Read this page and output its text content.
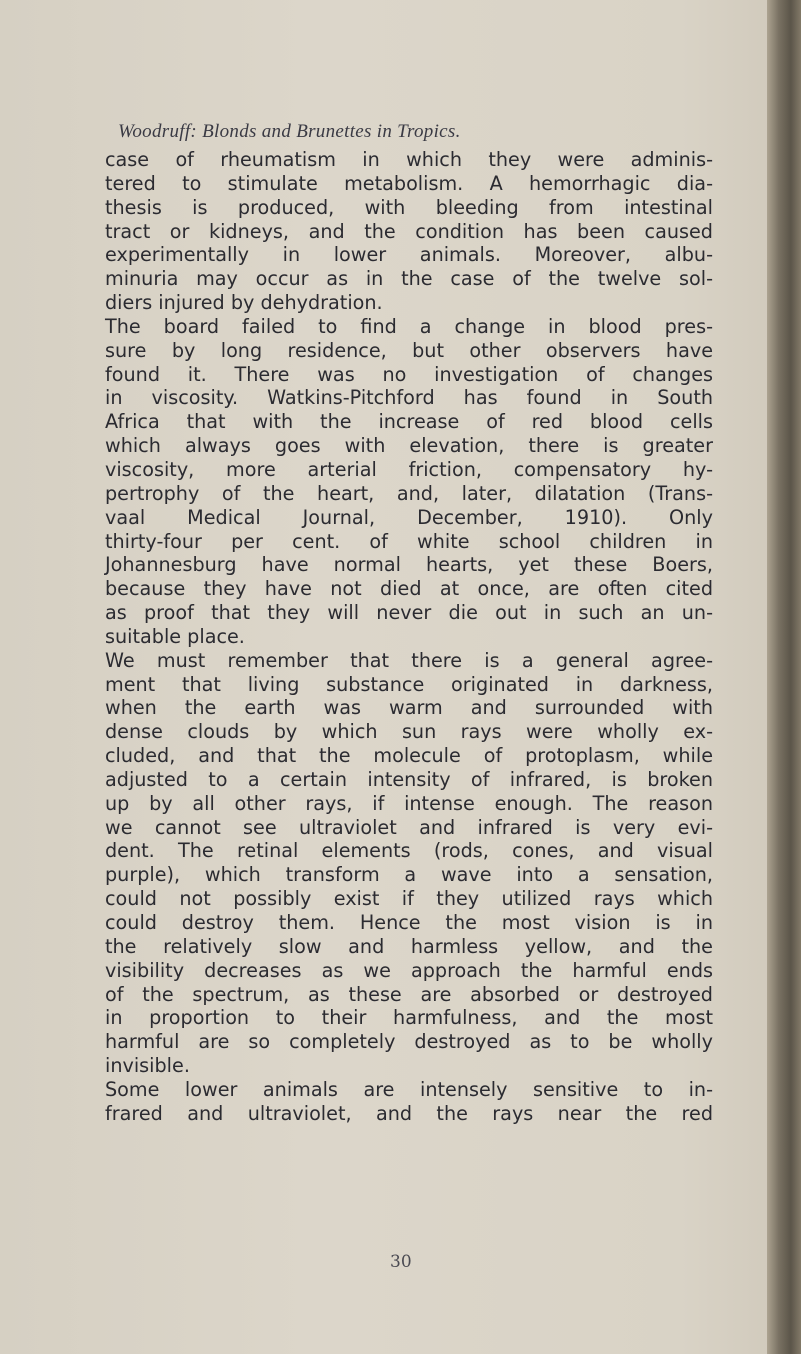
Woodruff: Blonds and Brunettes in Tropics.
case of rheumatism in which they were adminis-
tered to stimulate metabolism. A hemorrhagic dia-
thesis is produced, with bleeding from intestinal
tract or kidneys, and the condition has been caused
experimentally in lower animals. Moreover, albu-
minuria may occur as in the case of the twelve sol-
diers injured by dehydration.
The board failed to find a change in blood pres-
sure by long residence, but other observers have
found it. There was no investigation of changes
in viscosity. Watkins-Pitchford has found in South
Africa that with the increase of red blood cells
which always goes with elevation, there is greater
viscosity, more arterial friction, compensatory hy-
pertrophy of the heart, and, later, dilatation (Trans-
vaal Medical Journal, December, 1910). Only
thirty-four per cent. of white school children in
Johannesburg have normal hearts, yet these Boers,
because they have not died at once, are often cited
as proof that they will never die out in such an un-
suitable place.
We must remember that there is a general agree-
ment that living substance originated in darkness,
when the earth was warm and surrounded with
dense clouds by which sun rays were wholly ex-
cluded, and that the molecule of protoplasm, while
adjusted to a certain intensity of infrared, is broken
up by all other rays, if intense enough. The reason
we cannot see ultraviolet and infrared is very evi-
dent. The retinal elements (rods, cones, and visual
purple), which transform a wave into a sensation,
could not possibly exist if they utilized rays which
could destroy them. Hence the most vision is in
the relatively slow and harmless yellow, and the
visibility decreases as we approach the harmful ends
of the spectrum, as these are absorbed or destroyed
in proportion to their harmfulness, and the most
harmful are so completely destroyed as to be wholly
invisible.
Some lower animals are intensely sensitive to in-
frared and ultraviolet, and the rays near the red
30
